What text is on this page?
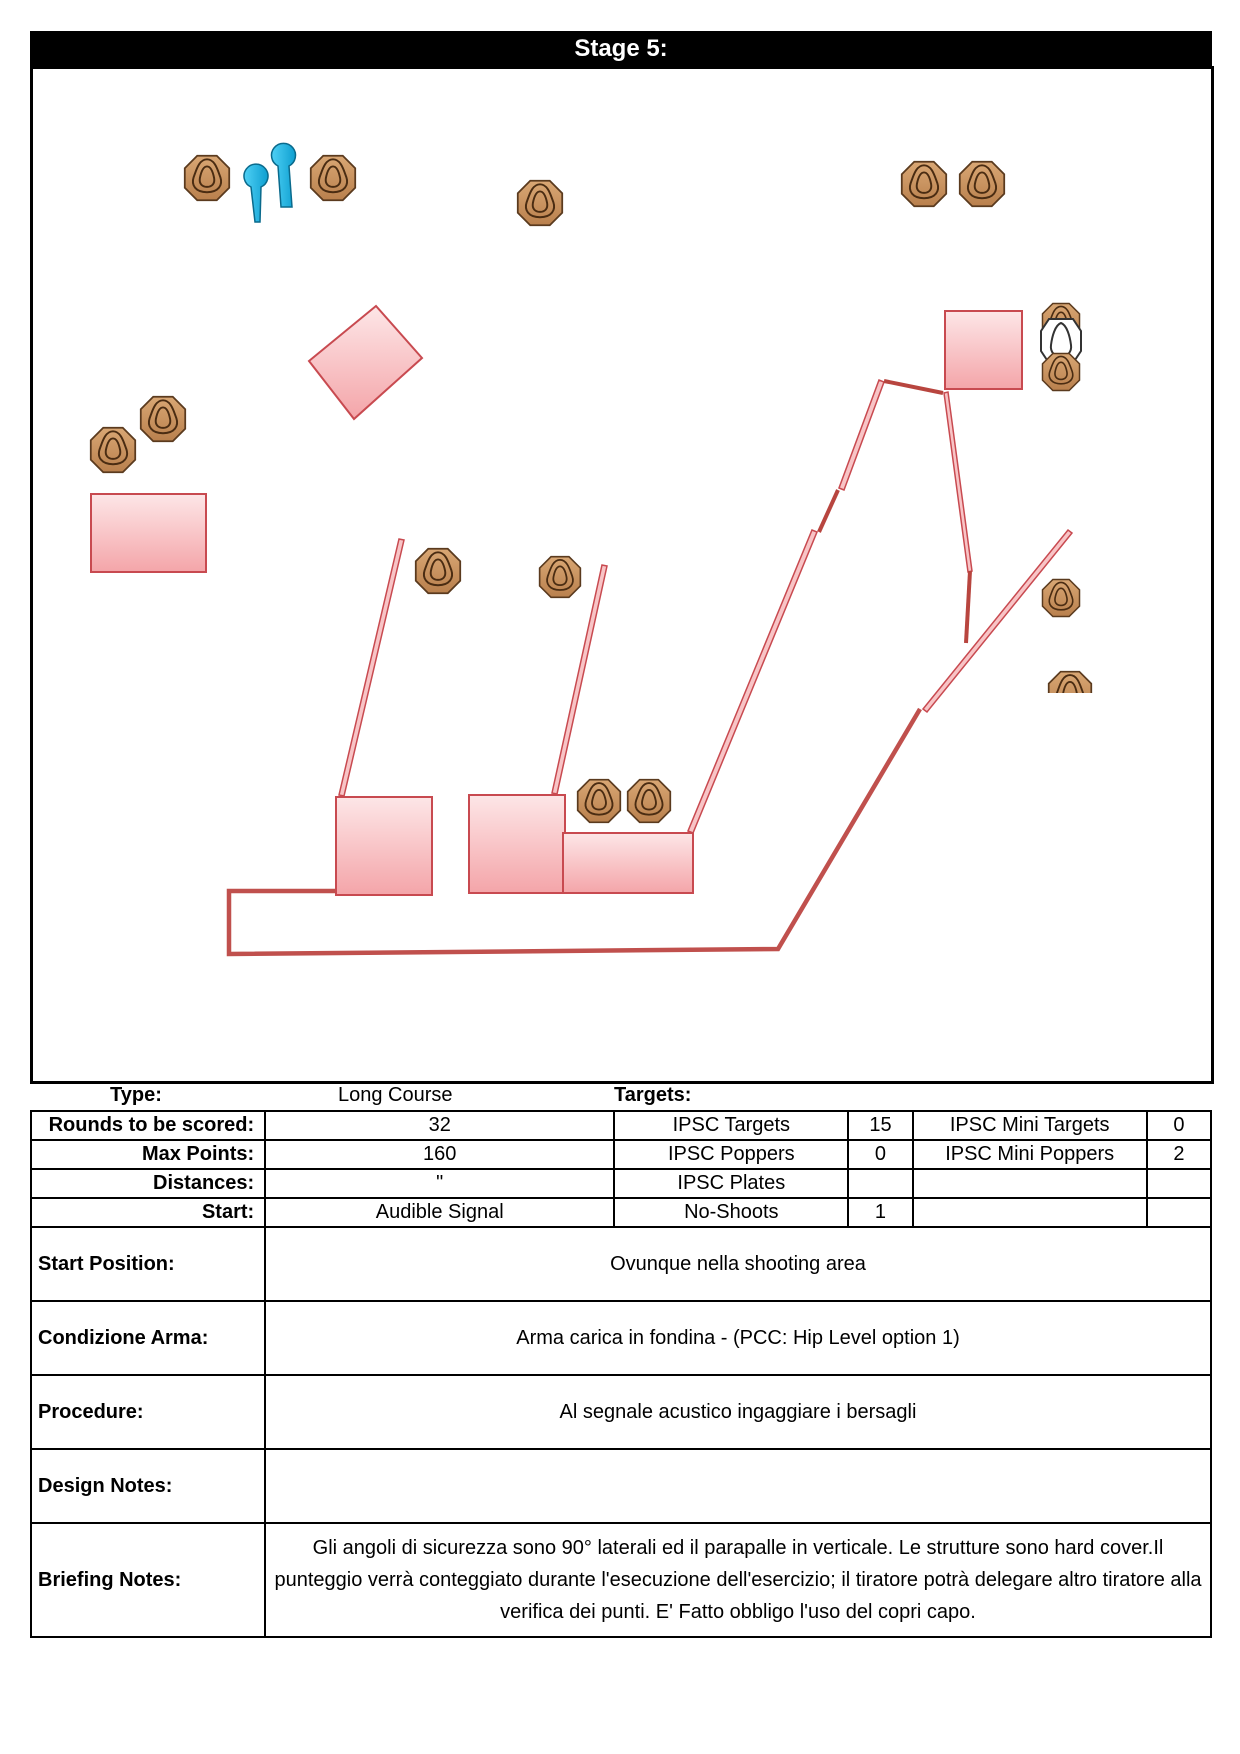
Stage 5:
Type:	Long Course	Targets:
Rounds to be scored:	32	IPSC Targets	15	IPSC Mini Targets	0
Max Points:	160	IPSC Poppers	0	IPSC Mini Poppers	2
Distances:	"	IPSC Plates			
Start:	Audible Signal	No-Shoots	1		
Start Position:	Ovunque nella shooting area
Condizione Arma:	Arma carica in fondina - (PCC: Hip Level option 1)
Procedure:	Al segnale acustico ingaggiare i bersagli
Design Notes:	
Briefing Notes:	Gli angoli di sicurezza sono 90° laterali ed il parapalle in verticale. Le strutture sono hard cover.Il punteggio verrà conteggiato durante l'esecuzione dell'esercizio; il tiratore potrà delegare altro tiratore alla verifica dei punti. E' Fatto obbligo l'uso del copri capo.
